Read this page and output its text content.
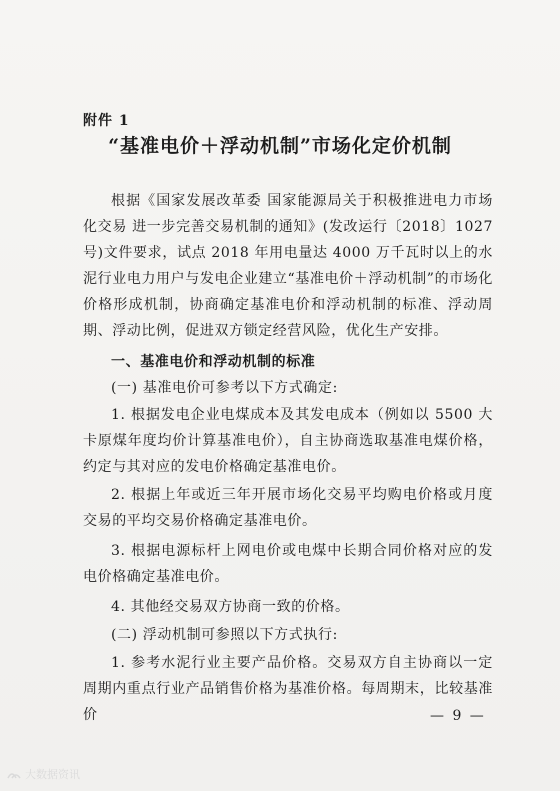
附件 1
“基准电价＋浮动机制”市场化定价机制

根据《国家发展改革委 国家能源局关于积极推进电力市场化交易 进一步完善交易机制的通知》(发改运行〔2018〕1027号)文件要求，试点 2018 年用电量达 4000 万千瓦时以上的水泥行业电力用户与发电企业建立“基准电价＋浮动机制”的市场化价格形成机制，协商确定基准电价和浮动机制的标准、浮动周期、浮动比例，促进双方锁定经营风险，优化生产安排。

一、基准电价和浮动机制的标准

(一) 基准电价可参考以下方式确定:

1. 根据发电企业电煤成本及其发电成本（例如以 5500 大卡原煤年度均价计算基准电价），自主协商选取基准电煤价格，约定与其对应的发电价格确定基准电价。

2. 根据上年或近三年开展市场化交易平均购电价格或月度交易的平均交易价格确定基准电价。

3. 根据电源标杆上网电价或电煤中长期合同价格对应的发电价格确定基准电价。

4. 其他经交易双方协商一致的价格。

(二) 浮动机制可参照以下方式执行:

1. 参考水泥行业主要产品价格。交易双方自主协商以一定周期内重点行业产品销售价格为基准价格。每周期末，比较基准价	— 9 —
大数据资讯
